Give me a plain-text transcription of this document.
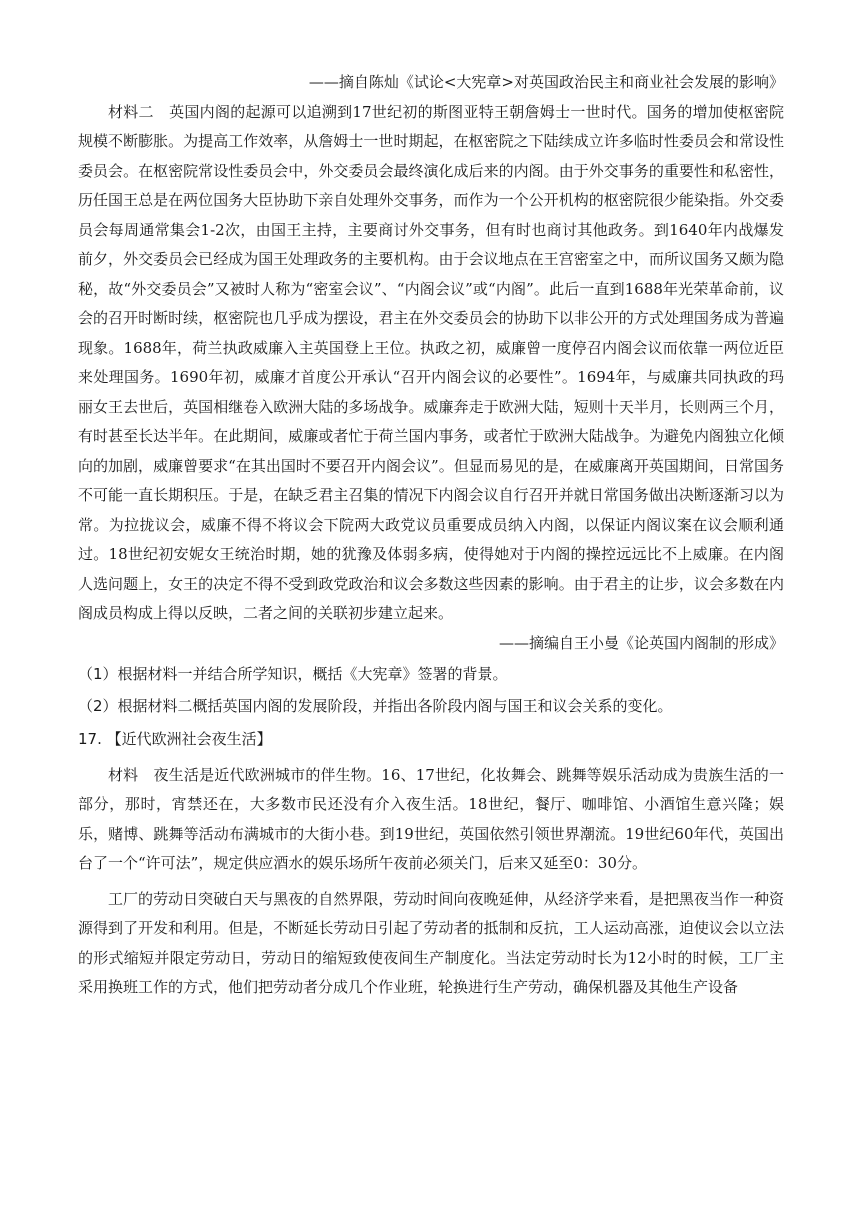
——摘自陈灿《试论<大宪章>对英国政治民主和商业社会发展的影响》

材料二　英国内阁的起源可以追溯到17世纪初的斯图亚特王朝詹姆士一世时代。国务的增加使枢密院规模不断膨胀。为提高工作效率，从詹姆士一世时期起，在枢密院之下陆续成立许多临时性委员会和常设性委员会。在枢密院常设性委员会中，外交委员会最终演化成后来的内阁。由于外交事务的重要性和私密性，历任国王总是在两位国务大臣协助下亲自处理外交事务，而作为一个公开机构的枢密院很少能染指。外交委员会每周通常集会1-2次，由国王主持，主要商讨外交事务，但有时也商讨其他政务。到1640年内战爆发前夕，外交委员会已经成为国王处理政务的主要机构。由于会议地点在王宫密室之中，而所议国务又颇为隐秘，故“外交委员会”又被时人称为“密室会议”、“内阁会议”或“内阁”。此后一直到1688年光荣革命前，议会的召开时断时续，枢密院也几乎成为摆设，君主在外交委员会的协助下以非公开的方式处理国务成为普遍现象。1688年，荷兰执政威廉入主英国登上王位。执政之初，威廉曾一度停召内阁会议而依靠一两位近臣来处理国务。1690年初，威廉才首度公开承认“召开内阁会议的必要性”。1694年，与威廉共同执政的玛丽女王去世后，英国相继卷入欧洲大陆的多场战争。威廉奔走于欧洲大陆，短则十天半月，长则两三个月，有时甚至长达半年。在此期间，威廉或者忙于荷兰国内事务，或者忙于欧洲大陆战争。为避免内阁独立化倾向的加剧，威廉曾要求“在其出国时不要召开内阁会议”。但显而易见的是，在威廉离开英国期间，日常国务不可能一直长期积压。于是，在缺乏君主召集的情况下内阁会议自行召开并就日常国务做出决断逐渐习以为常。为拉拢议会，威廉不得不将议会下院两大政党议员重要成员纳入内阁，以保证内阁议案在议会顺利通过。18世纪初安妮女王统治时期，她的犹豫及体弱多病，使得她对于内阁的操控远远比不上威廉。在内阁人选问题上，女王的决定不得不受到政党政治和议会多数这些因素的影响。由于君主的让步，议会多数在内阁成员构成上得以反映，二者之间的关联初步建立起来。

——摘编自王小曼《论英国内阁制的形成》

（1）根据材料一并结合所学知识，概括《大宪章》签署的背景。

（2）根据材料二概括英国内阁的发展阶段，并指出各阶段内阁与国王和议会关系的变化。

17. 【近代欧洲社会夜生活】

材料　夜生活是近代欧洲城市的伴生物。16、17世纪，化妆舞会、跳舞等娱乐活动成为贵族生活的一部分，那时，宵禁还在，大多数市民还没有介入夜生活。18世纪，餐厅、咖啡馆、小酒馆生意兴隆；娱乐，赌博、跳舞等活动布满城市的大街小巷。到19世纪，英国依然引领世界潮流。19世纪60年代，英国出台了一个“许可法”，规定供应酒水的娱乐场所午夜前必须关门，后来又延至0：30分。

工厂的劳动日突破白天与黑夜的自然界限，劳动时间向夜晚延伸，从经济学来看，是把黑夜当作一种资源得到了开发和利用。但是，不断延长劳动日引起了劳动者的抵制和反抗，工人运动高涨，迫使议会以立法的形式缩短并限定劳动日，劳动日的缩短致使夜间生产制度化。当法定劳动时长为12小时的时候，工厂主采用换班工作的方式，他们把劳动者分成几个作业班，轮换进行生产劳动，确保机器及其他生产设备
